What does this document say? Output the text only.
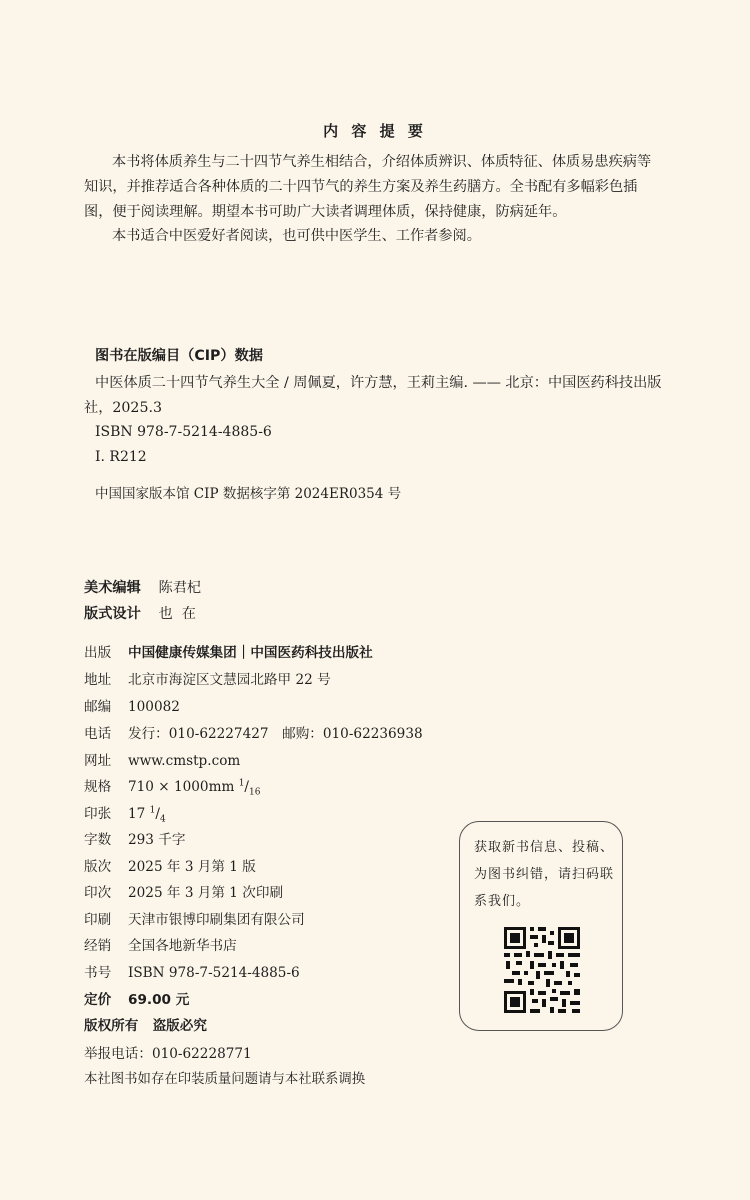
内 容 提 要
本书将体质养生与二十四节气养生相结合，介绍体质辨识、体质特征、体质易患疾病等知识，并推荐适合各种体质的二十四节气的养生方案及养生药膳方。全书配有多幅彩色插图，便于阅读理解。期望本书可助广大读者调理体质，保持健康，防病延年。
本书适合中医爱好者阅读，也可供中医学生、工作者参阅。
图书在版编目（CIP）数据
中医体质二十四节气养生大全 / 周佩夏，许方慧，王莉主编. —— 北京：中国医药科技出版社，2025.3
ISBN 978-7-5214-4885-6
Ⅰ. R212
中国国家版本馆 CIP 数据核字第 2024ER0354 号
美术编辑 陈君杞
版式设计 也  在
出版 中国健康传媒集团｜中国医药科技出版社
地址 北京市海淀区文慧园北路甲 22 号
邮编 100082
电话 发行：010-62227427　邮购：010-62236938
网址 www.cmstp.com
规格 710 × 1000mm $^1/_{16}$
印张 17 $^1/_4$
字数 293 千字
版次 2025 年 3 月第 1 版
印次 2025 年 3 月第 1 次印刷
印刷 天津市银博印刷集团有限公司
经销 全国各地新华书店
书号 ISBN 978-7-5214-4885-6
定价 69.00 元
版权所有 盗版必究
举报电话：010-62228771
本社图书如存在印装质量问题请与本社联系调换
获取新书信息、投稿、为图书纠错，请扫码联系我们。
